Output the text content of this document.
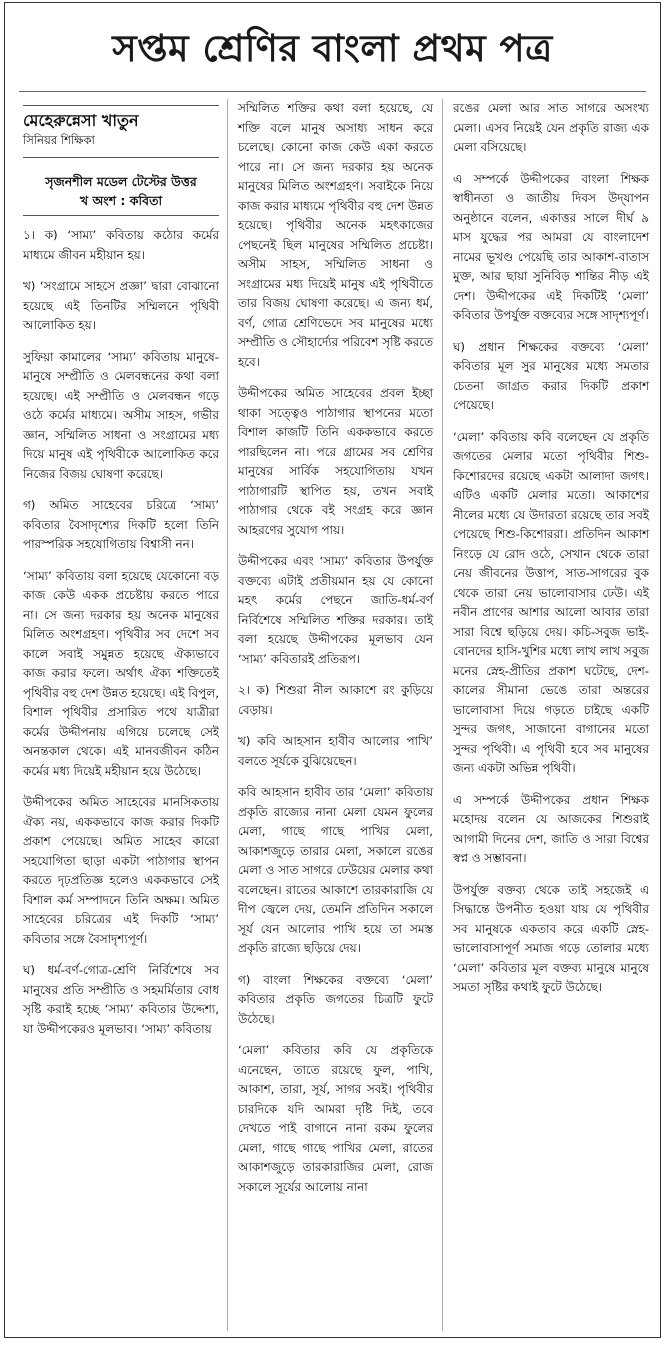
সপ্তম শ্রেণির বাংলা প্রথম পত্র
মেহেরুন্নেসা খাতুন
সিনিয়র শিক্ষিকা
সৃজনশীল মডেল টেস্টের উত্তর
খ অংশ : কবিতা

১। ক) ‘সাম্য’ কবিতায় কঠোর কর্মের মাধ্যমে জীবন মহীয়ান হয়।

খ) ‘সংগ্রামে সাহসে প্রজ্ঞা’ দ্বারা বোঝানো হয়েছে এই তিনটির সম্মিলনে পৃথিবী আলোকিত হয়।

সুফিয়া কামালের ‘সাম্য’ কবিতায় মানুষে-মানুষে সম্প্রীতি ও মেলবন্ধনের কথা বলা হয়েছে। এই সম্প্রীতি ও মেলবন্ধন গড়ে ওঠে কর্মের মাধ্যমে। অসীম সাহস, গভীর জ্ঞান, সম্মিলিত সাধনা ও সংগ্রামের মধ্য দিয়ে মানুষ এই পৃথিবীকে আলোকিত করে নিজের বিজয় ঘোষণা করেছে।

গ) অমিত সাহেবের চরিত্রে ‘সাম্য’ কবিতার বৈসাদৃশ্যের দিকটি হলো তিনি পারস্পরিক সহযোগিতায় বিশ্বাসী নন।

‘সাম্য’ কবিতায় বলা হয়েছে যেকোনো বড় কাজ কেউ একক প্রচেষ্টায় করতে পারে না। সে জন্য দরকার হয় অনেক মানুষের মিলিত অংশগ্রহণ। পৃথিবীর সব দেশে সব কালে সবাই সমুন্নত হয়েছে ঐক্যভাবে কাজ করার ফলে। অর্থাৎ ঐক্য শক্তিতেই পৃথিবীর বহু দেশ উন্নত হয়েছে। এই বিপুল, বিশাল পৃথিবীর প্রসারিত পথে যাত্রীরা কর্মের উদ্দীপনায় এগিয়ে চলেছে সেই অনন্তকাল থেকে। এই মানবজীবন কঠিন কর্মের মধ্য দিয়েই মহীয়ান হয়ে উঠেছে।

উদ্দীপকের অমিত সাহেবের মানসিকতায় ঐক্য নয়, এককভাবে কাজ করার দিকটি প্রকাশ পেয়েছে। অমিত সাহেব কারো সহযোগিতা ছাড়া একটা পাঠাগার স্থাপন করতে দৃঢ়প্রতিজ্ঞ হলেও এককভাবে সেই বিশাল কর্ম সম্পাদনে তিনি অক্ষম। অমিত সাহেবের চরিত্রের এই দিকটি ‘সাম্য’ কবিতার সঙ্গে বৈসাদৃশ্যপূর্ণ।

ঘ) ধর্ম-বর্ণ-গোত্র-শ্রেণি নির্বিশেষে সব মানুষের প্রতি সম্প্রীতি ও সহমর্মিতার বোধ সৃষ্টি করাই হচ্ছে ‘সাম্য’ কবিতার উদ্দেশ্য, যা উদ্দীপকেরও মূলভাব। ‘সাম্য’ কবিতায়

সম্মিলিত শক্তির কথা বলা হয়েছে, যে শক্তি বলে মানুষ অসাধ্য সাধন করে চলেছে। কোনো কাজ কেউ একা করতে পারে না। সে জন্য দরকার হয় অনেক মানুষের মিলিত অংশগ্রহণ। সবাইকে নিয়ে কাজ করার মাধ্যমে পৃথিবীর বহু দেশ উন্নত হয়েছে। পৃথিবীর অনেক মহৎকাজের পেছনেই ছিল মানুষের সম্মিলিত প্রচেষ্টা। অসীম সাহস, সম্মিলিত সাধনা ও সংগ্রামের মধ্য দিয়েই মানুষ এই পৃথিবীতে তার বিজয় ঘোষণা করেছে। এ জন্য ধর্ম, বর্ণ, গোত্র শ্রেণিভেদে সব মানুষের মধ্যে সম্প্রীতি ও সৌহার্দ্যের পরিবেশ সৃষ্টি করতে হবে।

উদ্দীপকের অমিত সাহেবের প্রবল ইচ্ছা থাকা সত্ত্বেও পাঠাগার স্থাপনের মতো বিশাল কাজটি তিনি এককভাবে করতে পারছিলেন না। পরে গ্রামের সব শ্রেণির মানুষের সার্বিক সহযোগিতায় যখন পাঠাগারটি স্থাপিত হয়, তখন সবাই পাঠাগার থেকে বই সংগ্রহ করে জ্ঞান আহরণের সুযোগ পায়।

উদ্দীপকের এবং ‘সাম্য’ কবিতার উপর্যুক্ত বক্তব্যে এটাই প্রতীয়মান হয় যে কোনো মহৎ কর্মের পেছনে জাতি-ধর্ম-বর্ণ নির্বিশেষে সম্মিলিত শক্তির দরকার। তাই বলা হয়েছে উদ্দীপকের মূলভাব যেন ‘সাম্য’ কবিতারই প্রতিরূপ।

২। ক) শিশুরা নীল আকাশে রং কুড়িয়ে বেড়ায়।

খ) কবি আহসান হাবীব আলোর পাখি’ বলতে সূর্যকে বুঝিয়েছেন।

কবি আহসান হাবীব তার ‘মেলা’ কবিতায় প্রকৃতি রাজ্যের নানা মেলা যেমন ফুলের মেলা, গাছে গাছে পাখির মেলা, আকাশজুড়ে তারার মেলা, সকালে রঙের মেলা ও সাত সাগরে ঢেউয়ের মেলার কথা বলেছেন। রাতের আকাশে তারকারাজি যে দীপ জ্বেলে দেয়, তেমনি প্রতিদিন সকালে সূর্য যেন আলোর পাখি হয়ে তা সমস্ত প্রকৃতি রাজ্যে ছড়িয়ে দেয়।

গ) বাংলা শিক্ষকের বক্তব্যে ‘মেলা’ কবিতার প্রকৃতি জগতের চিত্রটি ফুটে উঠেছে।

‘মেলা’ কবিতার কবি যে প্রকৃতিকে এনেছেন, তাতে রয়েছে ফুল, পাখি, আকাশ, তারা, সূর্য, সাগর সবই। পৃথিবীর চারদিকে যদি আমরা দৃষ্টি দিই, তবে দেখতে পাই বাগানে নানা রকম ফুলের মেলা, গাছে গাছে পাখির মেলা, রাতের আকাশজুড়ে তারকারাজির মেলা, রোজ সকালে সূর্যের আলোয় নানা

রঙের মেলা আর সাত সাগরে অসংখ্য মেলা। এসব নিয়েই যেন প্রকৃতি রাজ্য এক মেলা বসিয়েছে।

এ সম্পর্কে উদ্দীপকের বাংলা শিক্ষক স্বাধীনতা ও জাতীয় দিবস উদ্‌যাপন অনুষ্ঠানে বলেন, একাত্তর সালে দীর্ঘ ৯ মাস যুদ্ধের পর আমরা যে বাংলাদেশ নামের ভূখণ্ড পেয়েছি তার আকাশ-বাতাস মুক্ত, আর ছায়া সুনিবিড় শান্তির নীড় এই দেশ। উদ্দীপকের এই দিকটিই ‘মেলা’ কবিতার উপর্যুক্ত বক্তব্যের সঙ্গে সাদৃশ্যপূর্ণ।

ঘ) প্রধান শিক্ষকের বক্তব্যে ‘মেলা’ কবিতার মূল সুর মানুষের মধ্যে সমতার চেতনা জাগ্রত করার দিকটি প্রকাশ পেয়েছে।

‘মেলা’ কবিতায় কবি বলেছেন যে প্রকৃতি জগতের মেলার মতো পৃথিবীর শিশু-কিশোরদের রয়েছে একটা আলাদা জগৎ। এটিও একটি মেলার মতো। আকাশের নীলের মধ্যে যে উদারতা রয়েছে তার সবই পেয়েছে শিশু-কিশোররা। প্রতিদিন আকাশ নিংড়ে যে রোদ ওঠে, সেখান থেকে তারা নেয় জীবনের উত্তাপ, সাত-সাগরের বুক থেকে তারা নেয় ভালোবাসার ঢেউ। এই নবীন প্রাণের আশার আলো আবার তারা সারা বিশ্বে ছড়িয়ে দেয়। কচি-সবুজ ভাই-বোনদের হাসি-খুশির মধ্যে লাখ লাখ সবুজ মনের স্নেহ-প্রীতির প্রকাশ ঘটেছে, দেশ-কালের সীমানা ভেঙে তারা অন্তরের ভালোবাসা দিয়ে গড়তে চাইছে একটি সুন্দর জগৎ, সাজানো বাগানের মতো সুন্দর পৃথিবী। এ পৃথিবী হবে সব মানুষের জন্য একটা অভিন্ন পৃথিবী।

এ সম্পর্কে উদ্দীপকের প্রধান শিক্ষক মহোদয় বলেন যে আজকের শিশুরাই আগামী দিনের দেশ, জাতি ও সারা বিশ্বের স্বপ্ন ও সম্ভাবনা।

উপর্যুক্ত বক্তব্য থেকে তাই সহজেই এ সিদ্ধান্তে উপনীত হওয়া যায় যে পৃথিবীর সব মানুষকে একতাব করে একটি স্নেহ-ভালোবাসাপূর্ণ সমাজ গড়ে তোলার মধ্যে ‘মেলা’ কবিতার মূল বক্তব্য মানুষে মানুষে সমতা সৃষ্টির কথাই ফুটে উঠেছে।
